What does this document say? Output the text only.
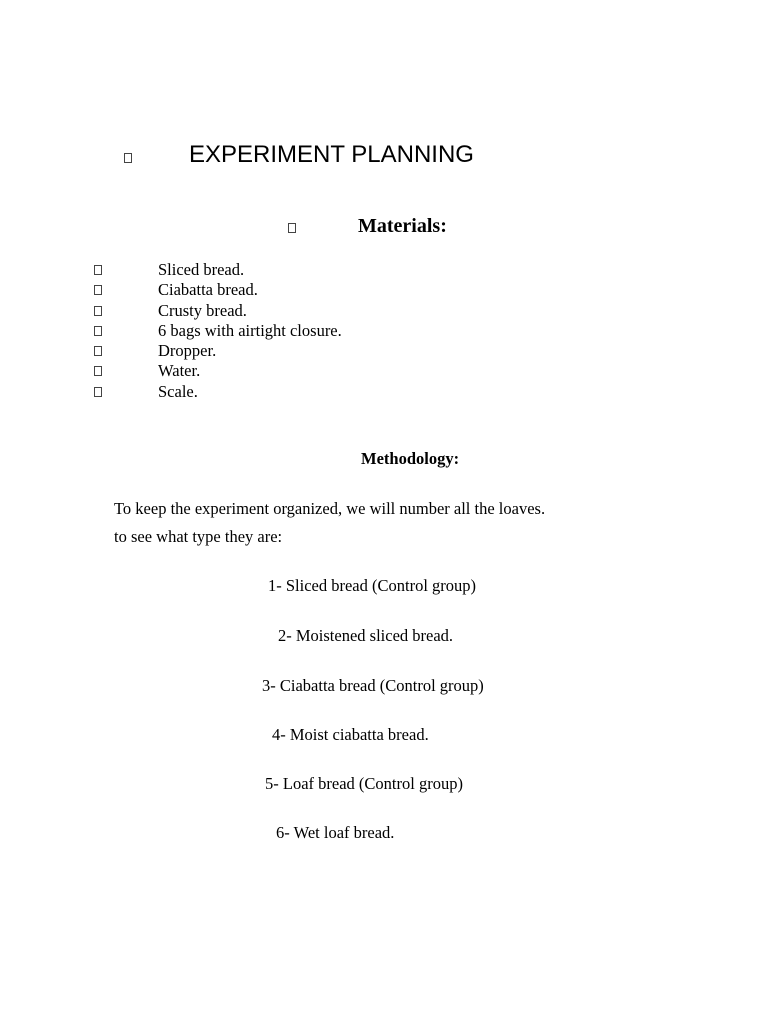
EXPERIMENT PLANNING
Materials:
Sliced bread.
Ciabatta bread.
Crusty bread.
6 bags with airtight closure.
Dropper.
Water.
Scale.
Methodology:
To keep the experiment organized, we will number all the loaves.
to see what type they are:
1- Sliced bread (Control group)
2- Moistened sliced bread.
3- Ciabatta bread (Control group)
4- Moist ciabatta bread.
5- Loaf bread (Control group)
6- Wet loaf bread.
